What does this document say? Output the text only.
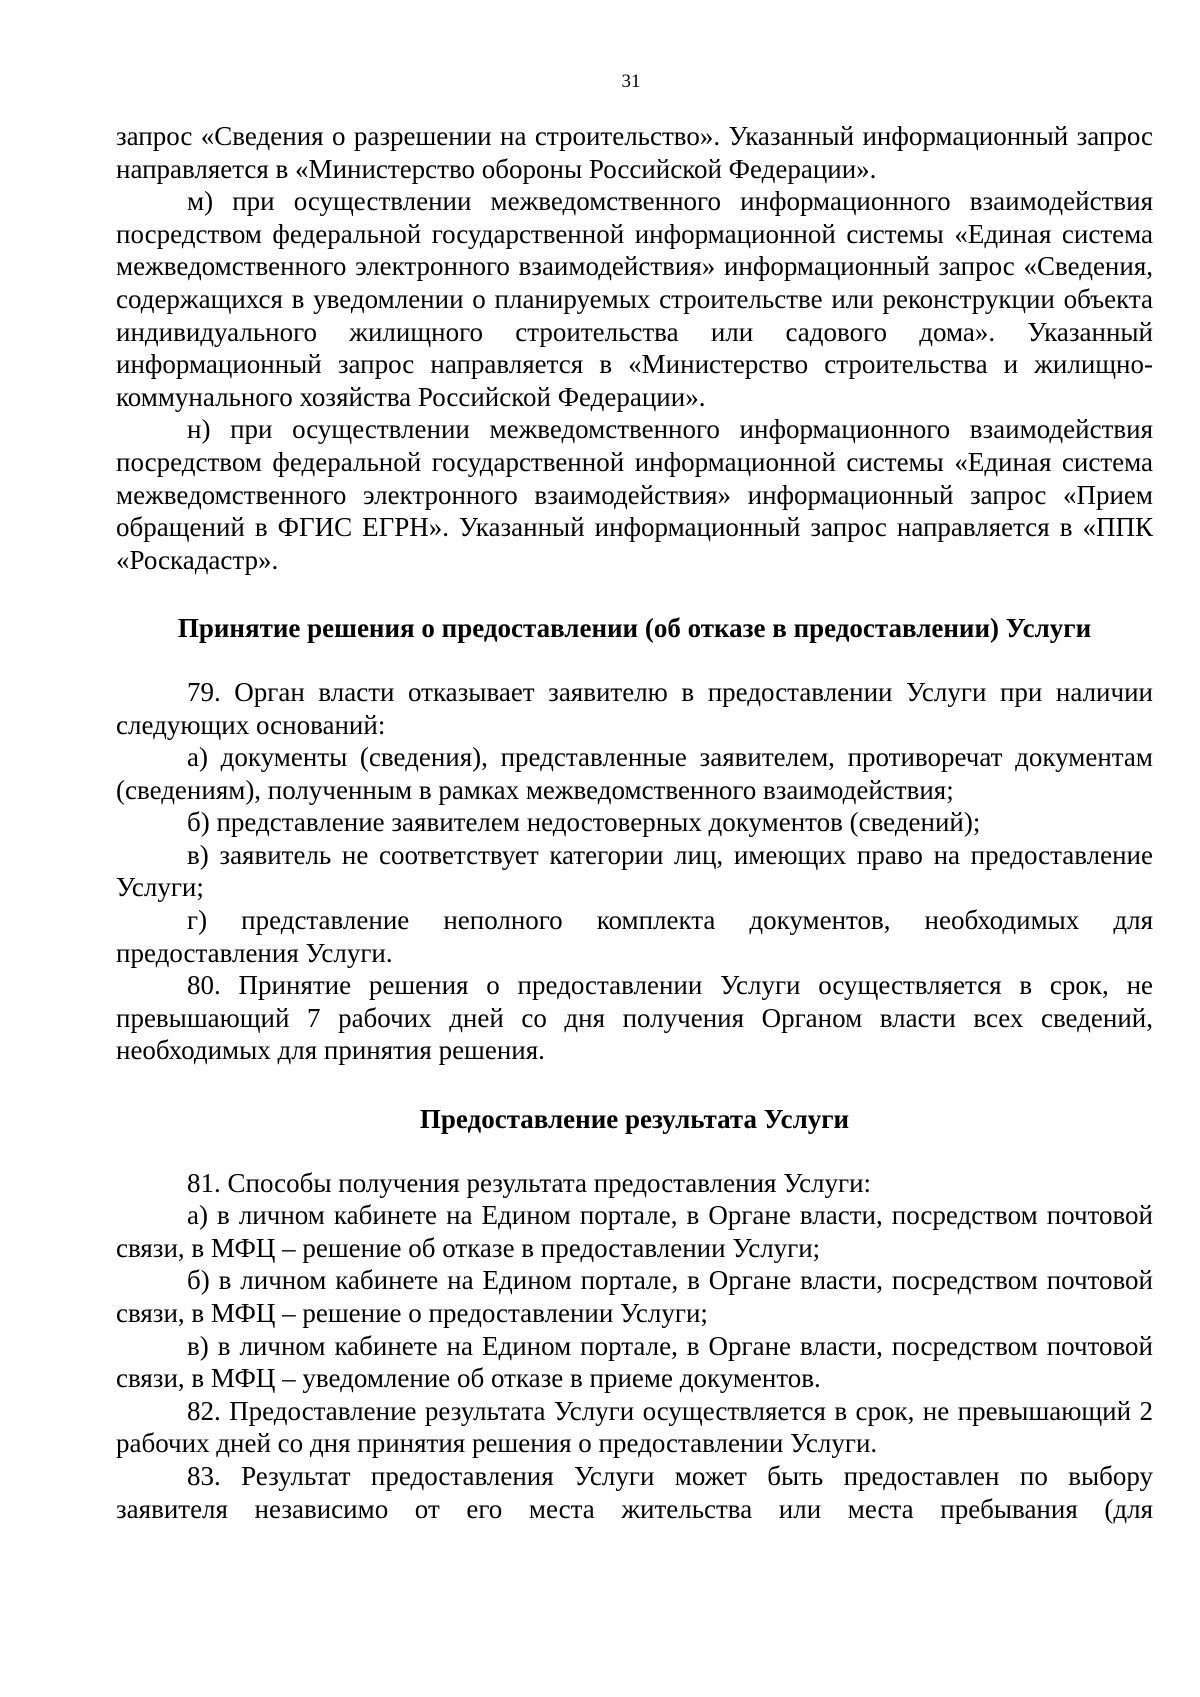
31

запрос «Сведения о разрешении на строительство». Указанный информационный запрос направляется в «Министерство обороны Российской Федерации».

м) при осуществлении межведомственного информационного взаимодействия посредством федеральной государственной информационной системы «Единая система межведомственного электронного взаимодействия» информационный запрос «Сведения, содержащихся в уведомлении о планируемых строительстве или реконструкции объекта индивидуального жилищного строительства или садового дома». Указанный информационный запрос направляется в «Министерство строительства и жилищно-коммунального хозяйства Российской Федерации».

н) при осуществлении межведомственного информационного взаимодействия посредством федеральной государственной информационной системы «Единая система межведомственного электронного взаимодействия» информационный запрос «Прием обращений в ФГИС ЕГРН». Указанный информационный запрос направляется в «ППК «Роскадастр».

Принятие решения о предоставлении (об отказе в предоставлении) Услуги

79. Орган власти отказывает заявителю в предоставлении Услуги при наличии следующих оснований:

а) документы (сведения), представленные заявителем, противоречат документам (сведениям), полученным в рамках межведомственного взаимодействия;

б) представление заявителем недостоверных документов (сведений);

в) заявитель не соответствует категории лиц, имеющих право на предоставление Услуги;

г) представление неполного комплекта документов, необходимых для предоставления Услуги.

80. Принятие решения о предоставлении Услуги осуществляется в срок, не превышающий 7 рабочих дней со дня получения Органом власти всех сведений, необходимых для принятия решения.

Предоставление результата Услуги

81. Способы получения результата предоставления Услуги:

а) в личном кабинете на Едином портале, в Органе власти, посредством почтовой связи, в МФЦ – решение об отказе в предоставлении Услуги;

б) в личном кабинете на Едином портале, в Органе власти, посредством почтовой связи, в МФЦ – решение о предоставлении Услуги;

в) в личном кабинете на Едином портале, в Органе власти, посредством почтовой связи, в МФЦ – уведомление об отказе в приеме документов.

82. Предоставление результата Услуги осуществляется в срок, не превышающий 2 рабочих дней со дня принятия решения о предоставлении Услуги.

83. Результат предоставления Услуги может быть предоставлен по выбору заявителя независимо от его места жительства или места пребывания (для
